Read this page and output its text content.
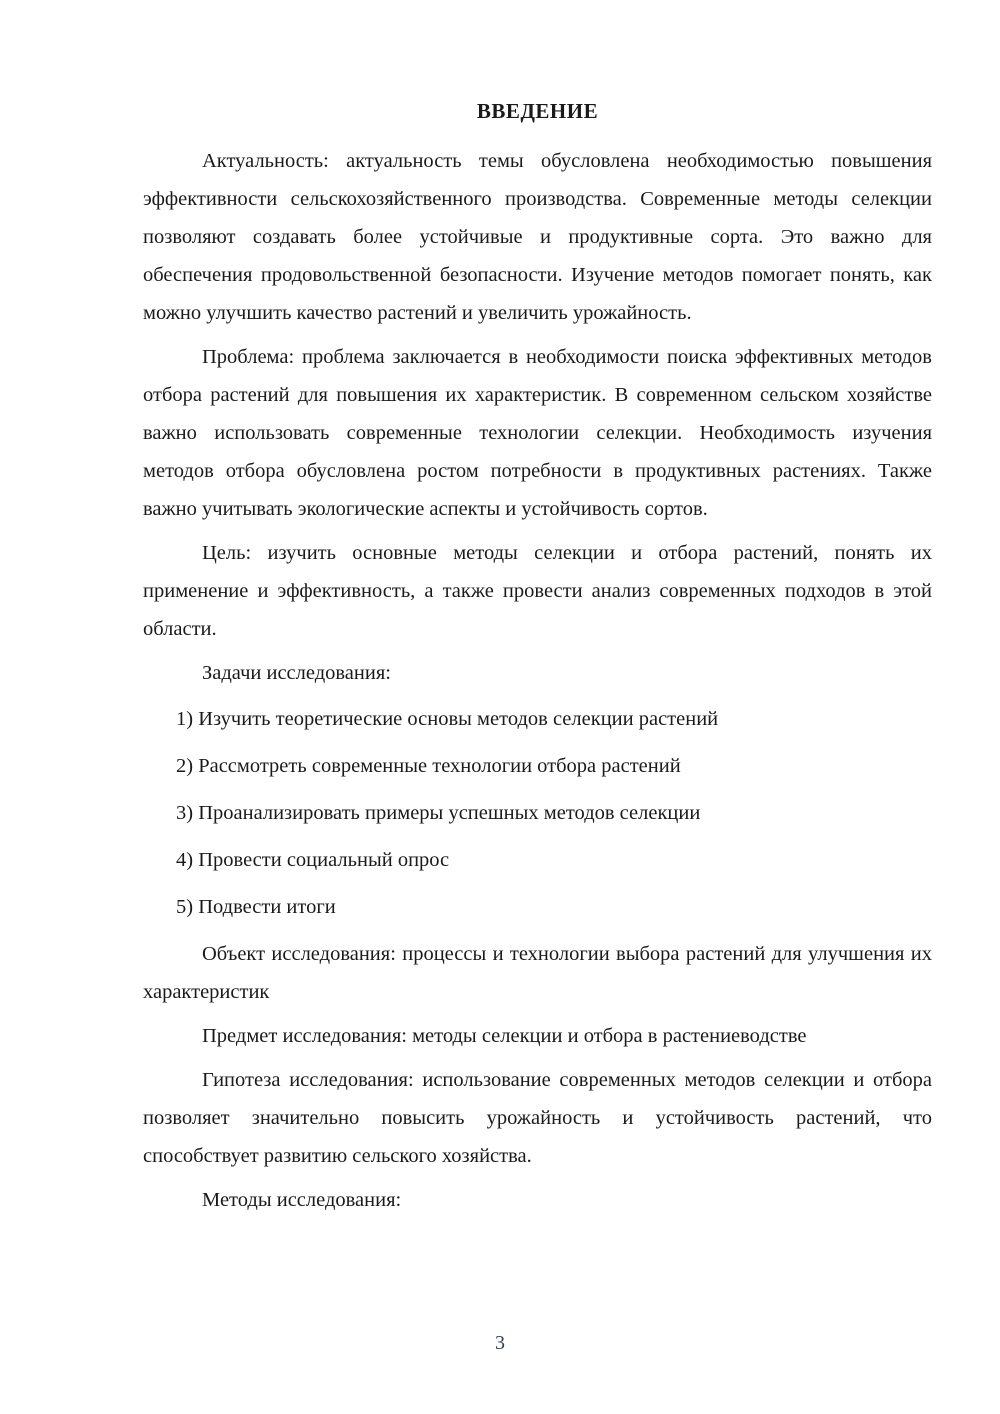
ВВЕДЕНИЕ

Актуальность: актуальность темы обусловлена необходимостью повышения эффективности сельскохозяйственного производства. Современные методы селекции позволяют создавать более устойчивые и продуктивные сорта. Это важно для обеспечения продовольственной безопасности. Изучение методов помогает понять, как можно улучшить качество растений и увеличить урожайность.

Проблема: проблема заключается в необходимости поиска эффективных методов отбора растений для повышения их характеристик. В современном сельском хозяйстве важно использовать современные технологии селекции. Необходимость изучения методов отбора обусловлена ростом потребности в продуктивных растениях. Также важно учитывать экологические аспекты и устойчивость сортов.

Цель: изучить основные методы селекции и отбора растений, понять их применение и эффективность, а также провести анализ современных подходов в этой области.

Задачи исследования:

1) Изучить теоретические основы методов селекции растений

2) Рассмотреть современные технологии отбора растений

3) Проанализировать примеры успешных методов селекции

4) Провести социальный опрос

5) Подвести итоги

Объект исследования: процессы и технологии выбора растений для улучшения их характеристик

Предмет исследования: методы селекции и отбора в растениеводстве

Гипотеза исследования: использование современных методов селекции и отбора позволяет значительно повысить урожайность и устойчивость растений, что способствует развитию сельского хозяйства.

Методы исследования:

3
